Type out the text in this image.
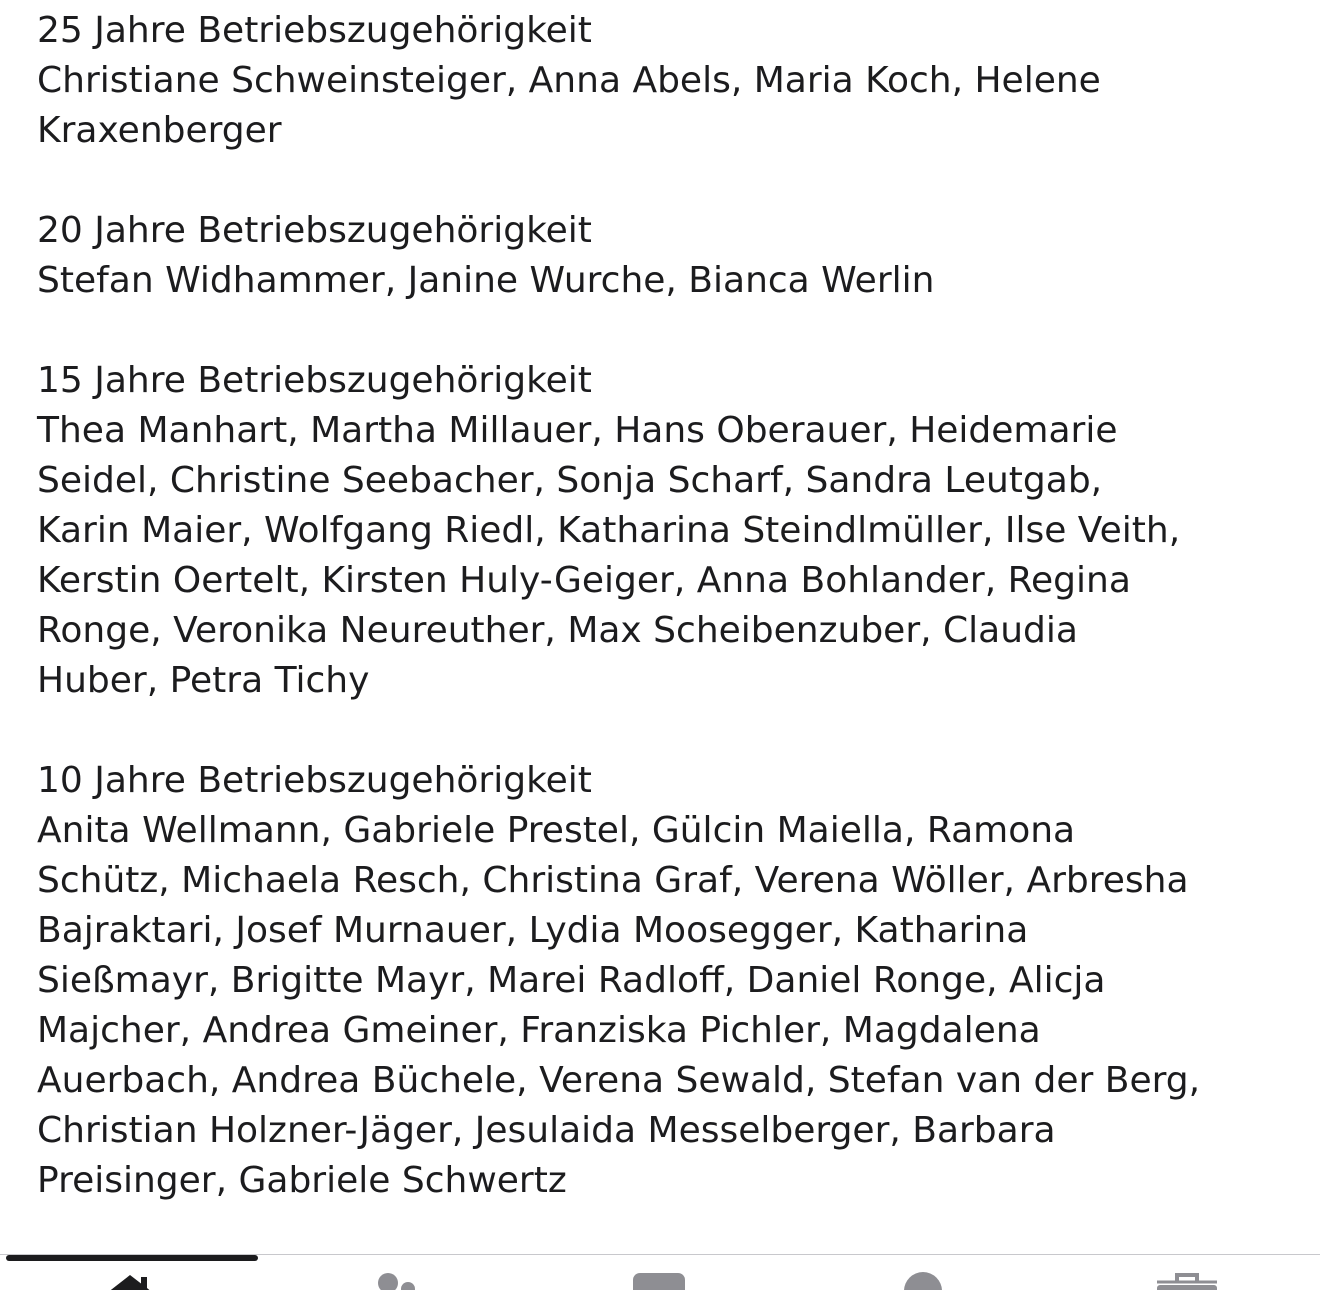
25 Jahre Betriebszugehörigkeit

Christiane Schweinsteiger, Anna Abels, Maria Koch, Helene

Kraxenberger

20 Jahre Betriebszugehörigkeit

Stefan Widhammer, Janine Wurche, Bianca Werlin

15 Jahre Betriebszugehörigkeit

Thea Manhart, Martha Millauer, Hans Oberauer, Heidemarie

Seidel, Christine Seebacher, Sonja Scharf, Sandra Leutgab,

Karin Maier, Wolfgang Riedl, Katharina Steindlmüller, Ilse Veith,

Kerstin Oertelt, Kirsten Huly-Geiger, Anna Bohlander, Regina

Ronge, Veronika Neureuther, Max Scheibenzuber, Claudia

Huber, Petra Tichy

10 Jahre Betriebszugehörigkeit

Anita Wellmann, Gabriele Prestel, Gülcin Maiella, Ramona

Schütz, Michaela Resch, Christina Graf, Verena Wöller, Arbresha

Bajraktari, Josef Murnauer, Lydia Moosegger, Katharina

Sießmayr, Brigitte Mayr, Marei Radloff, Daniel Ronge, Alicja

Majcher, Andrea Gmeiner, Franziska Pichler, Magdalena

Auerbach, Andrea Büchele, Verena Sewald, Stefan van der Berg,

Christian Holzner-Jäger, Jesulaida Messelberger, Barbara

Preisinger, Gabriele Schwertz
